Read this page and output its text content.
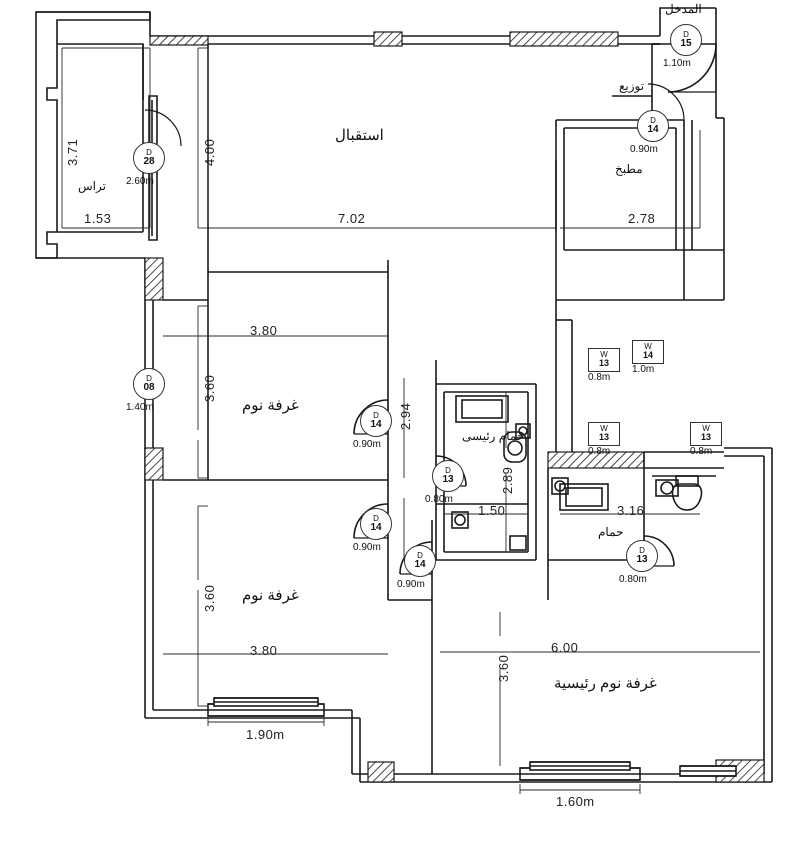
استقبال
تراس
مطبخ
توزيع
المدخل
غرفة نوم
غرفة نوم
غرفة نوم رئيسية
حمام رئيسى
حمام
1.53	7.02	2.78
3.80
3.80
1.50	3.16
6.00
1.90m
1.60m
3.71	4.00
3.60
3.60
2.94
2.89
3.60
D
28
2.60m
D
08
1.40m
D
14
0.90m
D
14
0.90m
D
14
0.90m
D
13
0.80m
D
13
0.80m
D
14
0.90m
D
15
1.10m
W
13
0.8m
W
14
1.0m
W
13
0.8m
W
13
0.8m
